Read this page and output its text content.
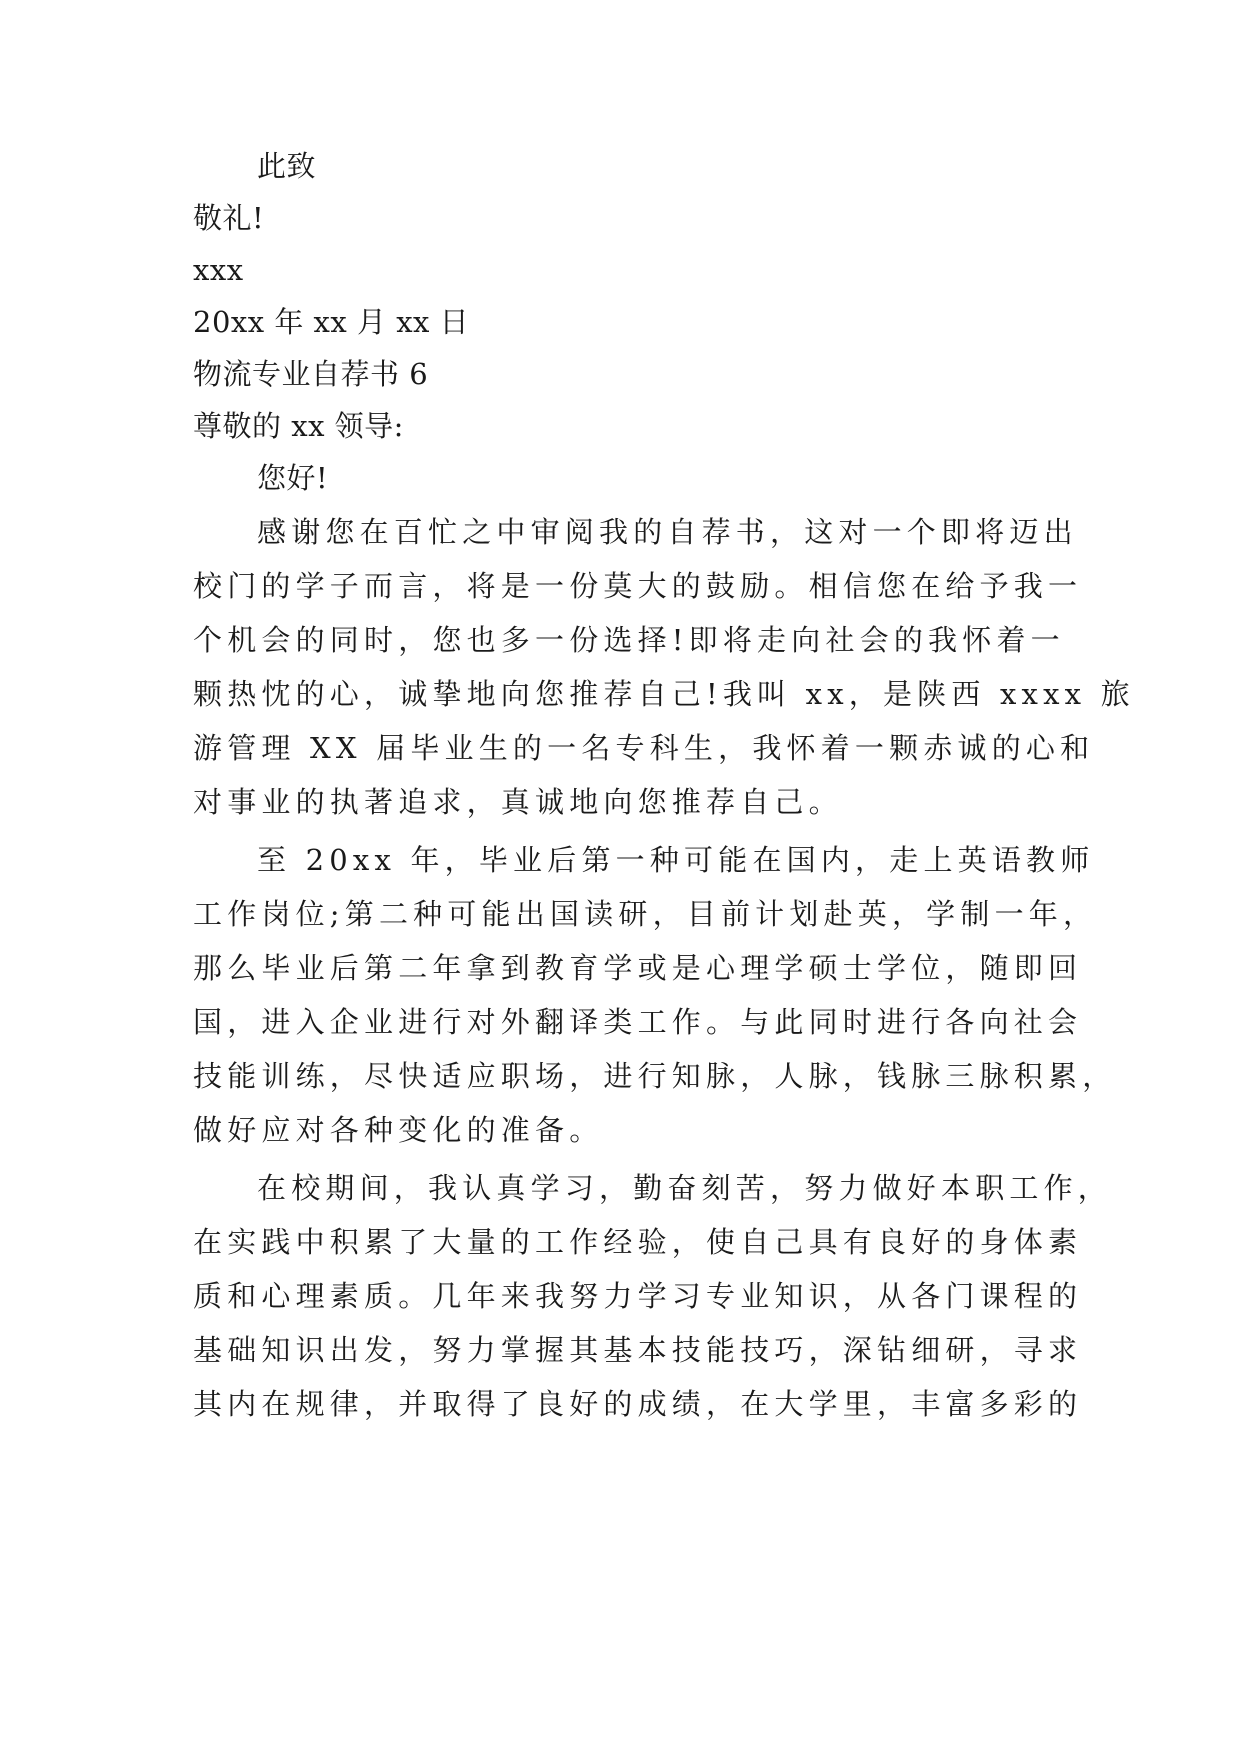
此致
敬礼!
xxx
20xx 年 xx 月 xx 日
物流专业自荐书 6
尊敬的 xx 领导:
您好!
感谢您在百忙之中审阅我的自荐书，这对一个即将迈出
校门的学子而言，将是一份莫大的鼓励。相信您在给予我一
个机会的同时，您也多一份选择!即将走向社会的我怀着一
颗热忱的心，诚挚地向您推荐自己!我叫 xx，是陕西 xxxx 旅
游管理 XX 届毕业生的一名专科生，我怀着一颗赤诚的心和
对事业的执著追求，真诚地向您推荐自己。
至 20xx 年，毕业后第一种可能在国内，走上英语教师
工作岗位;第二种可能出国读研，目前计划赴英，学制一年，
那么毕业后第二年拿到教育学或是心理学硕士学位，随即回
国，进入企业进行对外翻译类工作。与此同时进行各向社会
技能训练，尽快适应职场，进行知脉，人脉，钱脉三脉积累，
做好应对各种变化的准备。
在校期间，我认真学习，勤奋刻苦，努力做好本职工作，
在实践中积累了大量的工作经验，使自己具有良好的身体素
质和心理素质。几年来我努力学习专业知识，从各门课程的
基础知识出发，努力掌握其基本技能技巧，深钻细研，寻求
其内在规律，并取得了良好的成绩，在大学里，丰富多彩的
